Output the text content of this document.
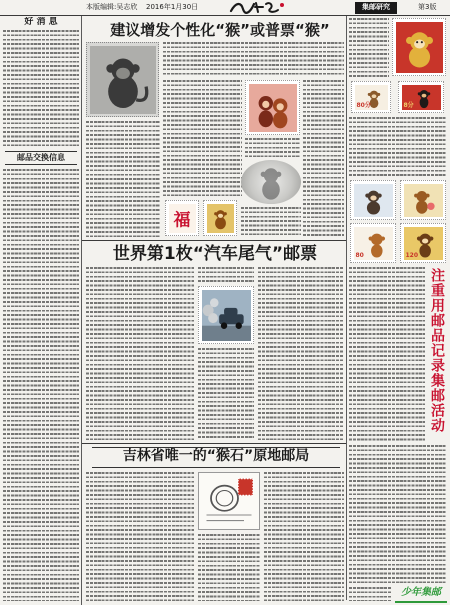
本版编辑:吴志欣 2016年1月30日	集邮研究	第3版
好 消 息
邮品交换信息
建议增发个性化“猴”或普票“猴”
福
80分	8分
80	120
世界第1枚“汽车尾气”邮票
注重用邮品记录集邮活动
吉林省唯一的“猴石”原地邮局
少年集邮
